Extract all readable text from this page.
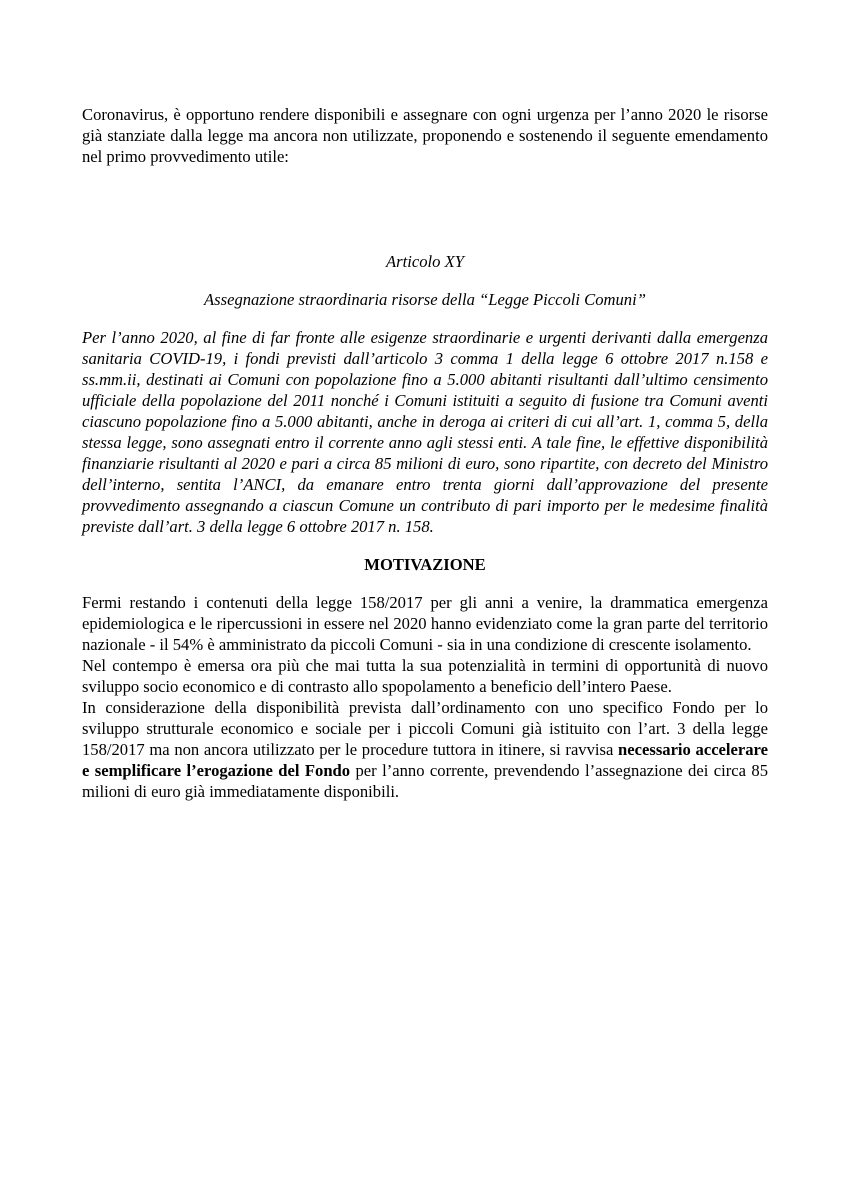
Coronavirus, è opportuno rendere disponibili e assegnare con ogni urgenza per l’anno 2020 le risorse già stanziate dalla legge ma ancora non utilizzate, proponendo e sostenendo il seguente emendamento nel primo provvedimento utile:

Articolo XY

Assegnazione straordinaria risorse della “Legge Piccoli Comuni”

Per l’anno 2020, al fine di far fronte alle esigenze straordinarie e urgenti derivanti dalla emergenza sanitaria COVID-19, i fondi previsti dall’articolo 3 comma 1 della legge 6 ottobre 2017 n.158 e ss.mm.ii, destinati ai Comuni con popolazione fino a 5.000 abitanti risultanti dall’ultimo censimento ufficiale della popolazione del 2011 nonché i Comuni istituiti a seguito di fusione tra Comuni aventi ciascuno popolazione fino a 5.000 abitanti, anche in deroga ai criteri di cui all’art. 1, comma 5, della stessa legge, sono assegnati entro il corrente anno agli stessi enti. A tale fine, le effettive disponibilità finanziarie risultanti al 2020 e pari a circa 85 milioni di euro, sono ripartite, con decreto del Ministro dell’interno, sentita l’ANCI, da emanare entro trenta giorni dall’approvazione del presente provvedimento assegnando a ciascun Comune un contributo di pari importo per le medesime finalità previste dall’art. 3 della legge 6 ottobre 2017 n. 158.

MOTIVAZIONE

Fermi restando i contenuti della legge 158/2017 per gli anni a venire, la drammatica emergenza epidemiologica e le ripercussioni in essere nel 2020 hanno evidenziato come la gran parte del territorio nazionale - il 54% è amministrato da piccoli Comuni - sia in una condizione di crescente isolamento.

Nel contempo è emersa ora più che mai tutta la sua potenzialità in termini di opportunità di nuovo sviluppo socio economico e di contrasto allo spopolamento a beneficio dell’intero Paese.

In considerazione della disponibilità prevista dall’ordinamento con uno specifico Fondo per lo sviluppo strutturale economico e sociale per i piccoli Comuni già istituito con l’art. 3 della legge 158/2017 ma non ancora utilizzato per le procedure tuttora in itinere, si ravvisa necessario accelerare e semplificare l’erogazione del Fondo per l’anno corrente, prevendendo l’assegnazione dei circa 85 milioni di euro già immediatamente disponibili.
